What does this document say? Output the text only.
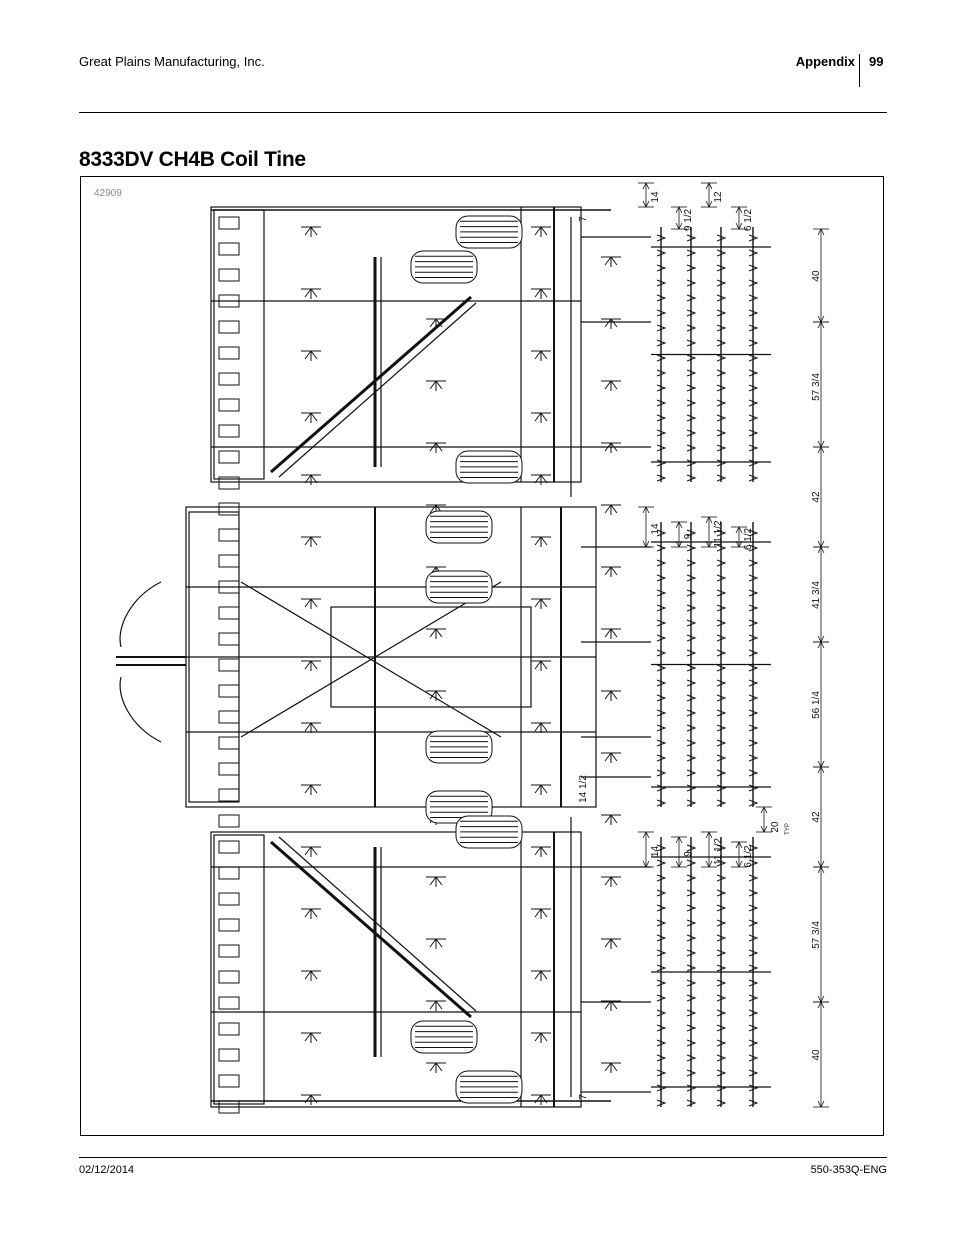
Great Plains Manufacturing, Inc.	Appendix 99
8333DV CH4B Coil Tine
42909	14
9 1/2
12
6 1/2
40
57 3/4
42
14
9 11 1/2 6 1/2
41 3/4
56 1/4
42
14 9 11 1/2 6 1/2
57 3/4
40
20 TYP
7
7
14 1/2
02/12/2014	550-353Q-ENG
